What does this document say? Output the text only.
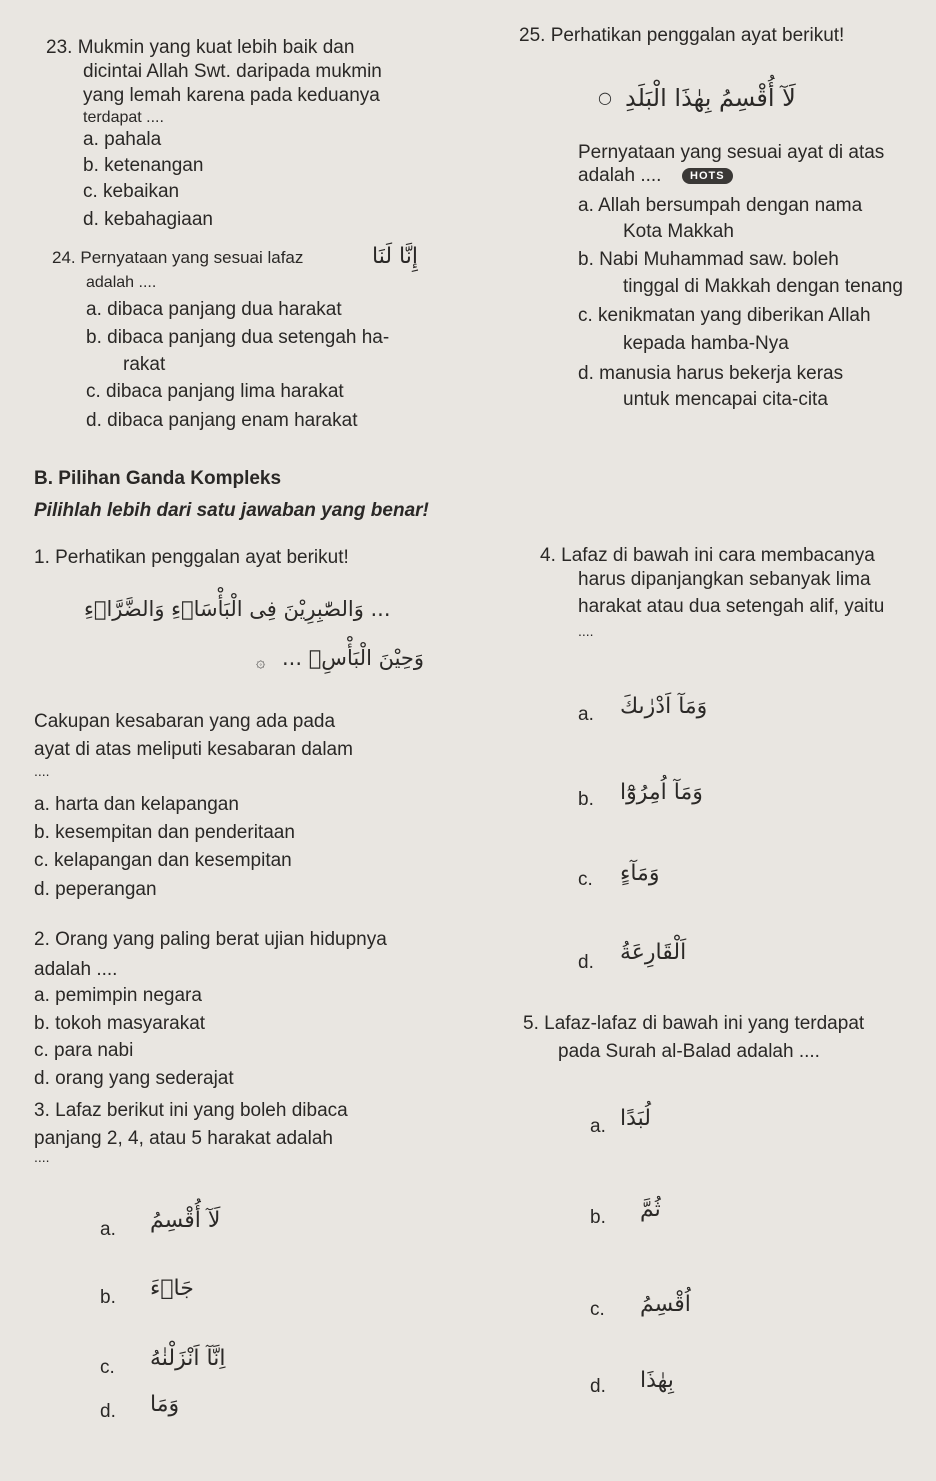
23. Mukmin yang kuat lebih baik dan
dicintai Allah Swt. daripada mukmin
yang lemah karena pada keduanya
terdapat ....
a. pahala
b. ketenangan
c. kebaikan
d. kebahagiaan
24. Pernyataan yang sesuai lafaz	إِنَّا لَنَا
adalah ....
a. dibaca panjang dua harakat
b. dibaca panjang dua setengah ha-
rakat
c. dibaca panjang lima harakat
d. dibaca panjang enam harakat
25. Perhatikan penggalan ayat berikut!
○ لَآ أُقْسِمُ بِهٰذَا الْبَلَدِ
Pernyataan yang sesuai ayat di atas
adalah ....	HOTS
a. Allah bersumpah dengan nama
Kota Makkah
b. Nabi Muhammad saw. boleh
tinggal di Makkah dengan tenang
c. kenikmatan yang diberikan Allah
kepada hamba-Nya
d. manusia harus bekerja keras
untuk mencapai cita-cita
B. Pilihan Ganda Kompleks
Pilihlah lebih dari satu jawaban yang benar!
1. Perhatikan penggalan ayat berikut!
... وَالصّٰبِرِيْنَ فِى الْبَأْسَاۤءِ وَالضَّرَّاۤءِ
۞ وَحِيْنَ الْبَأْسِۗ ...
Cakupan kesabaran yang ada pada
ayat di atas meliputi kesabaran dalam
....
a. harta dan kelapangan
b. kesempitan dan penderitaan
c. kelapangan dan kesempitan
d. peperangan
2. Orang yang paling berat ujian hidupnya
adalah ....
a. pemimpin negara
b. tokoh masyarakat
c. para nabi
d. orang yang sederajat
3. Lafaz berikut ini yang boleh dibaca
panjang 2, 4, atau 5 harakat adalah
....
a. لَآ أُقْسِمُ
b. جَاۤءَ
c. اِنَّآ اَنْزَلْنٰهُ
d. وَمَا
4. Lafaz di bawah ini cara membacanya
harus dipanjangkan sebanyak lima
harakat atau dua setengah alif, yaitu
....
a. وَمَآ اَدْرٰىكَ
b. وَمَآ اُمِرُوْٓا
c. وَمَآءٍ
d. اَلْقَارِعَةُ
5. Lafaz-lafaz di bawah ini yang terdapat
pada Surah al-Balad adalah ....
a. لُبَدًا
b. ثُمَّ
c. اُقْسِمُ
d. بِهٰذَا
